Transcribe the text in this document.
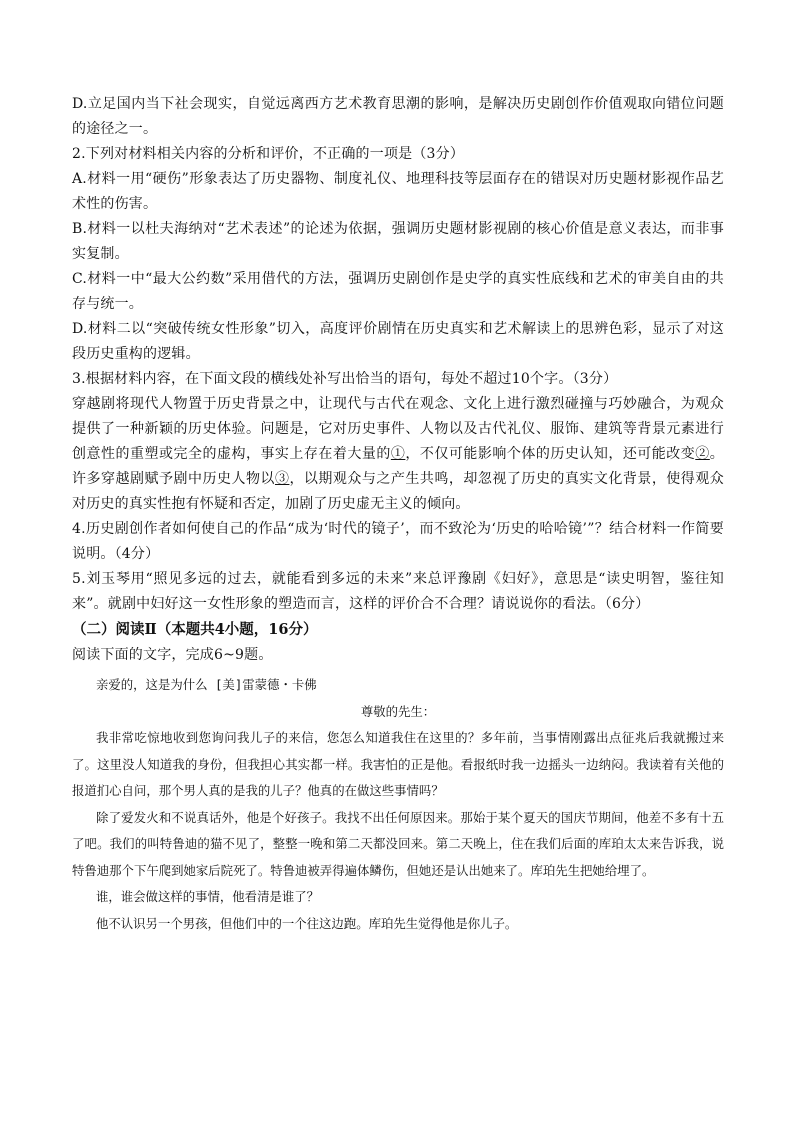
D.立足国内当下社会现实，自觉远离西方艺术教育思潮的影响，是解决历史剧创作价值观取向错位问题的途径之一。

2.下列对材料相关内容的分析和评价，不正确的一项是（3分）

A.材料一用“硬伤”形象表达了历史器物、制度礼仪、地理科技等层面存在的错误对历史题材影视作品艺术性的伤害。

B.材料一以杜夫海纳对“艺术表述”的论述为依据，强调历史题材影视剧的核心价值是意义表达，而非事实复制。

C.材料一中“最大公约数”采用借代的方法，强调历史剧创作是史学的真实性底线和艺术的审美自由的共存与统一。

D.材料二以“突破传统女性形象”切入，高度评价剧情在历史真实和艺术解读上的思辨色彩，显示了对这段历史重构的逻辑。

3.根据材料内容，在下面文段的横线处补写出恰当的语句，每处不超过10个字。（3分）

穿越剧将现代人物置于历史背景之中，让现代与古代在观念、文化上进行激烈碰撞与巧妙融合，为观众提供了一种新颖的历史体验。问题是，它对历史事件、人物以及古代礼仪、服饰、建筑等背景元素进行创意性的重塑或完全的虚构，事实上存在着大量的①，不仅可能影响个体的历史认知，还可能改变②。许多穿越剧赋予剧中历史人物以③，以期观众与之产生共鸣，却忽视了历史的真实文化背景，使得观众对历史的真实性抱有怀疑和否定，加剧了历史虚无主义的倾向。

4.历史剧创作者如何使自己的作品“成为‘时代的镜子’，而不致沦为‘历史的哈哈镜’”？结合材料一作简要说明。（4分）

5.刘玉琴用“照见多远的过去，就能看到多远的未来”来总评豫剧《妇好》，意思是“读史明智，鉴往知来”。就剧中妇好这一女性形象的塑造而言，这样的评价合不合理？请说说你的看法。（6分）

（二）阅读Ⅱ（本题共4小题，16分）

阅读下面的文字，完成6~9题。

亲爱的，这是为什么 [美]雷蒙德・卡佛

尊敬的先生：

我非常吃惊地收到您询问我儿子的来信，您怎么知道我住在这里的？多年前，当事情刚露出点征兆后我就搬过来了。这里没人知道我的身份，但我担心其实都一样。我害怕的正是他。看报纸时我一边摇头一边纳闷。我读着有关他的报道扪心自问，那个男人真的是我的儿子？他真的在做这些事情吗？

除了爱发火和不说真话外，他是个好孩子。我找不出任何原因来。那始于某个夏天的国庆节期间，他差不多有十五了吧。我们的叫特鲁迪的猫不见了，整整一晚和第二天都没回来。第二天晚上，住在我们后面的库珀太太来告诉我，说特鲁迪那个下午爬到她家后院死了。特鲁迪被弄得遍体鳞伤，但她还是认出她来了。库珀先生把她给埋了。

谁，谁会做这样的事情，他看清是谁了？

他不认识另一个男孩，但他们中的一个往这边跑。库珀先生觉得他是你儿子。
